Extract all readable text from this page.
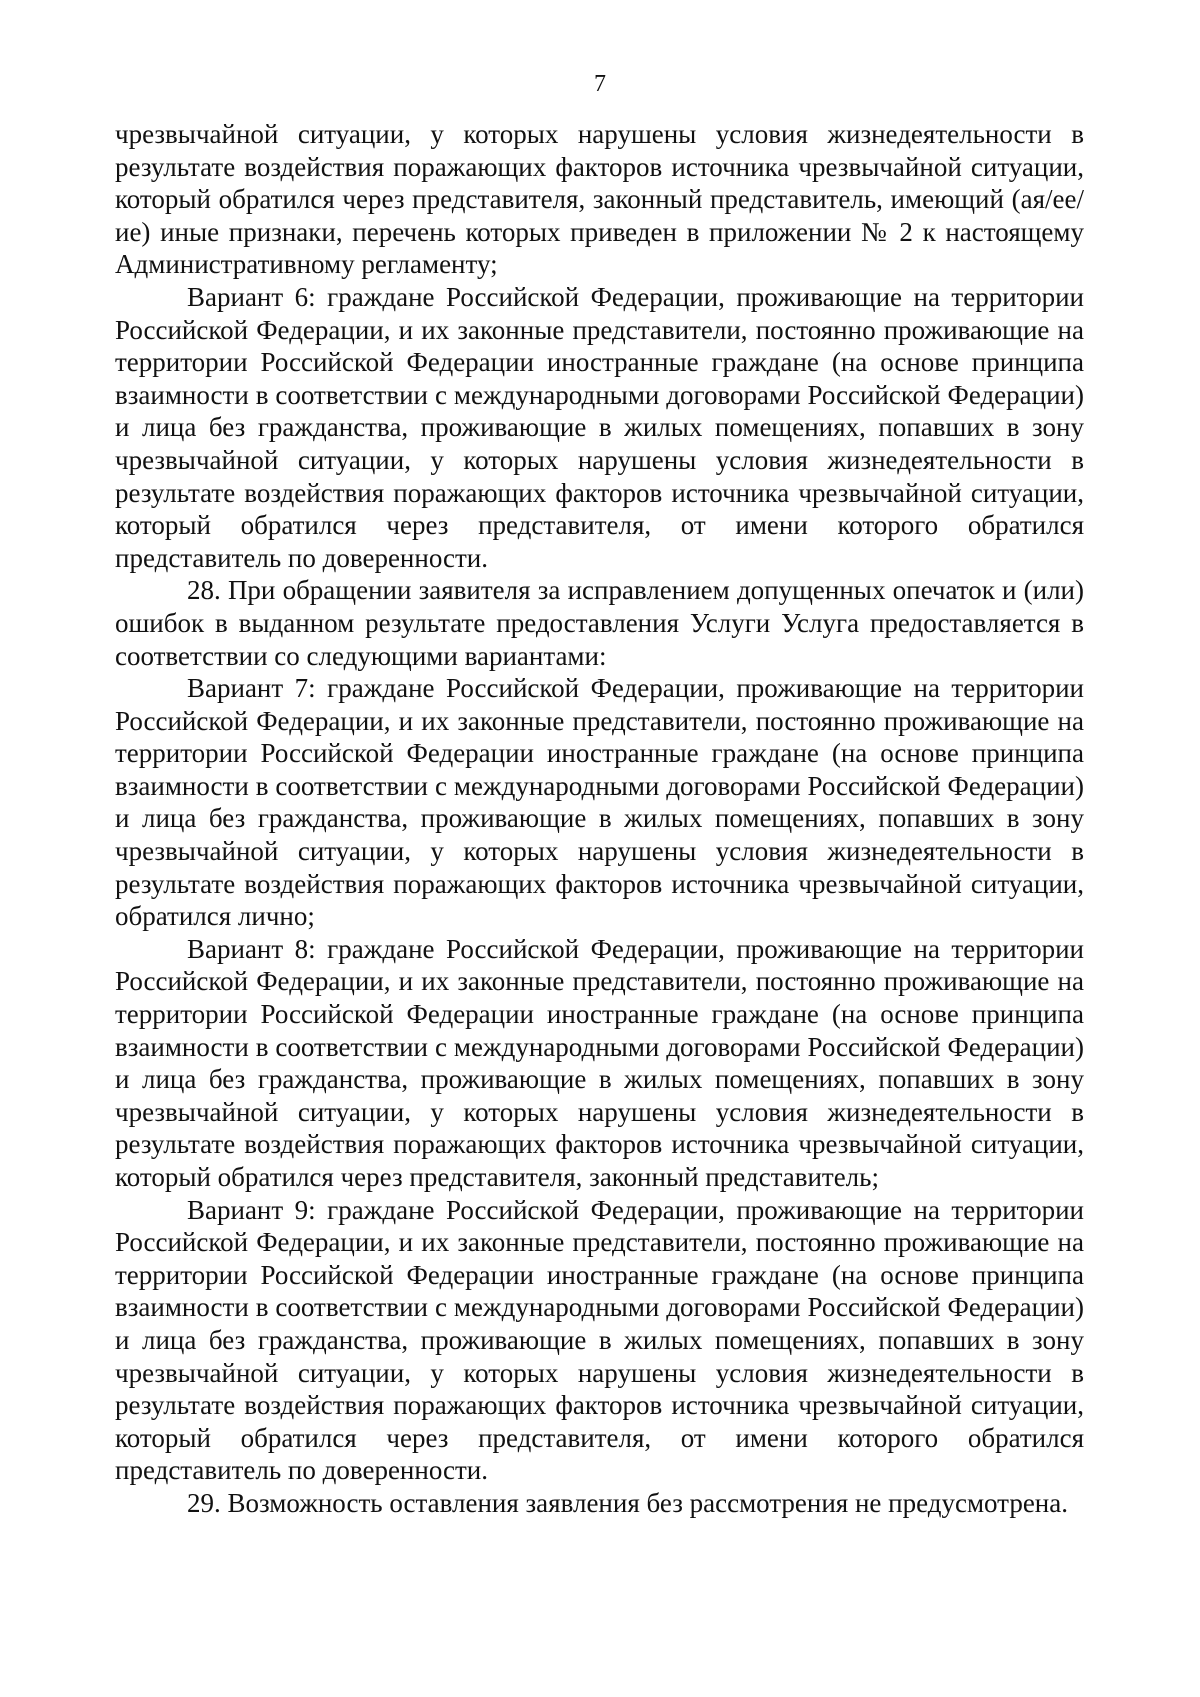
7

чрезвычайной ситуации, у которых нарушены условия жизнедеятельности в результате воздействия поражающих факторов источника чрезвычайной ситуации, который обратился через представителя, законный представитель, имеющий (ая/ее/ие) иные признаки, перечень которых приведен в приложении № 2 к настоящему Административному регламенту;

Вариант 6: граждане Российской Федерации, проживающие на территории Российской Федерации, и их законные представители, постоянно проживающие на территории Российской Федерации иностранные граждане (на основе принципа взаимности в соответствии с международными договорами Российской Федерации) и лица без гражданства, проживающие в жилых помещениях, попавших в зону чрезвычайной ситуации, у которых нарушены условия жизнедеятельности в результате воздействия поражающих факторов источника чрезвычайной ситуации, который обратился через представителя, от имени которого обратился представитель по доверенности.

28. При обращении заявителя за исправлением допущенных опечаток и (или) ошибок в выданном результате предоставления Услуги Услуга предоставляется в соответствии со следующими вариантами:

Вариант 7: граждане Российской Федерации, проживающие на территории Российской Федерации, и их законные представители, постоянно проживающие на территории Российской Федерации иностранные граждане (на основе принципа взаимности в соответствии с международными договорами Российской Федерации) и лица без гражданства, проживающие в жилых помещениях, попавших в зону чрезвычайной ситуации, у которых нарушены условия жизнедеятельности в результате воздействия поражающих факторов источника чрезвычайной ситуации, обратился лично;

Вариант 8: граждане Российской Федерации, проживающие на территории Российской Федерации, и их законные представители, постоянно проживающие на территории Российской Федерации иностранные граждане (на основе принципа взаимности в соответствии с международными договорами Российской Федерации) и лица без гражданства, проживающие в жилых помещениях, попавших в зону чрезвычайной ситуации, у которых нарушены условия жизнедеятельности в результате воздействия поражающих факторов источника чрезвычайной ситуации, который обратился через представителя, законный представитель;

Вариант 9: граждане Российской Федерации, проживающие на территории Российской Федерации, и их законные представители, постоянно проживающие на территории Российской Федерации иностранные граждане (на основе принципа взаимности в соответствии с международными договорами Российской Федерации) и лица без гражданства, проживающие в жилых помещениях, попавших в зону чрезвычайной ситуации, у которых нарушены условия жизнедеятельности в результате воздействия поражающих факторов источника чрезвычайной ситуации, который обратился через представителя, от имени которого обратился представитель по доверенности.

29. Возможность оставления заявления без рассмотрения не предусмотрена.
